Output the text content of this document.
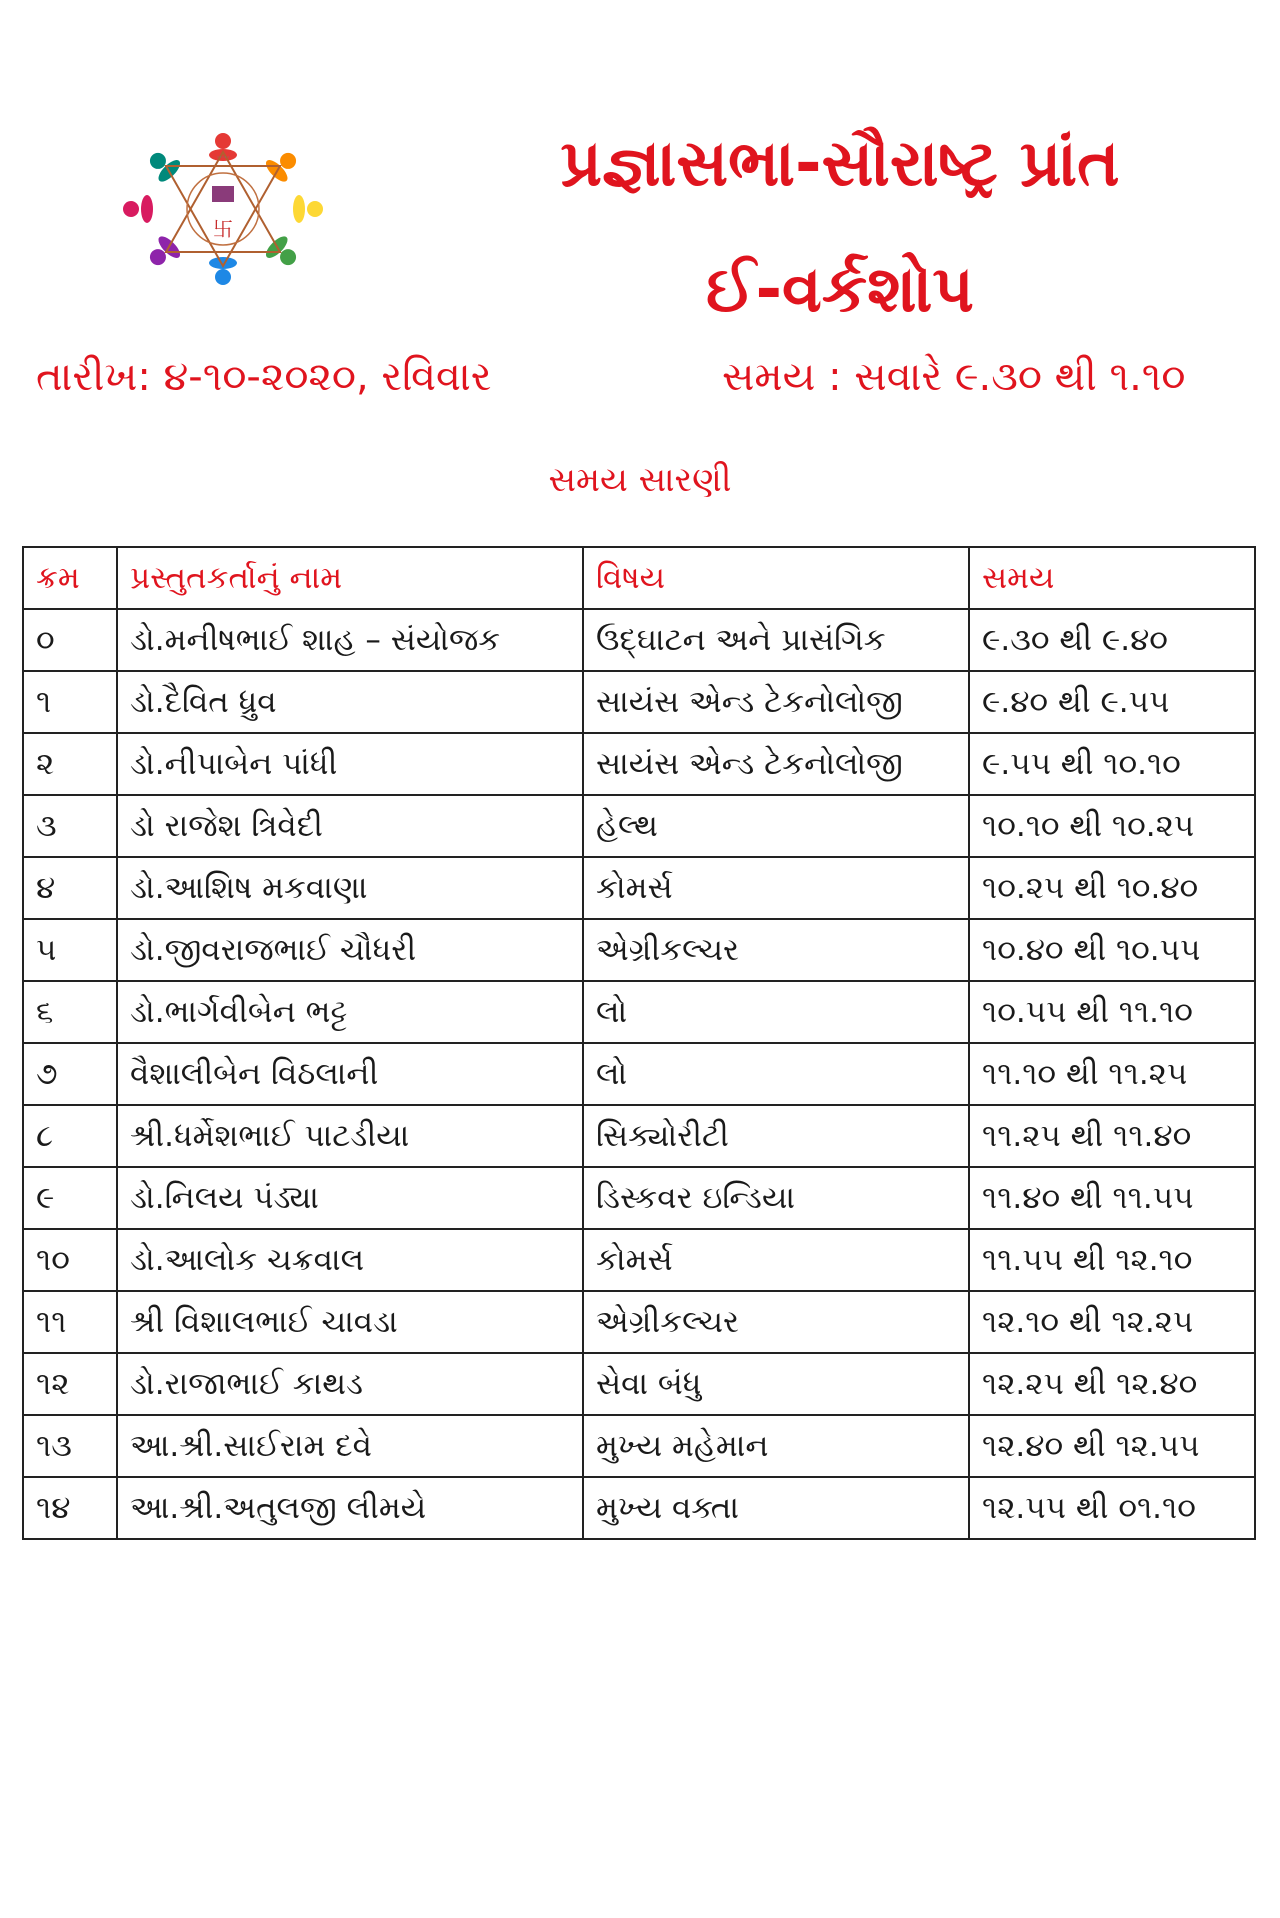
卐
·····	પ્રજ્ઞાસભા-સૌરાષ્ટ્ર પ્રાંત
ઈ-વર્કશોપ
તારીખ: ૪-૧૦-૨૦૨૦, રવિવાર	સમય : સવારે ૯.૩૦ થી ૧.૧૦
સમય સારણી
ક્રમ	પ્રસ્તુતકર્તાનું નામ	વિષય	સમય
૦	ડો.મનીષભાઈ શાહ – સંયોજક	ઉદ્ઘાટન અને પ્રાસંગિક	૯.૩૦ થી ૯.૪૦
૧	ડો.દૈવિત ધ્રુવ	સાયંસ એન્ડ ટેકનોલોજી	૯.૪૦ થી ૯.૫૫
૨	ડો.નીપાબેન પાંધી	સાયંસ એન્ડ ટેકનોલોજી	૯.૫૫ થી ૧૦.૧૦
૩	ડો રાજેશ ત્રિવેદી	હેલ્થ	૧૦.૧૦ થી ૧૦.૨૫
૪	ડો.આશિષ મકવાણા	કોમર્સ	૧૦.૨૫ થી ૧૦.૪૦
૫	ડો.જીવરાજભાઈ ચૌધરી	એગ્રીકલ્ચર	૧૦.૪૦ થી ૧૦.૫૫
૬	ડો.ભાર્ગવીબેન ભટ્ટ	લો	૧૦.૫૫ થી ૧૧.૧૦
૭	વૈશાલીબેન વિઠલાની	લો	૧૧.૧૦ થી ૧૧.૨૫
૮	શ્રી.ધર્મેશભાઈ પાટડીયા	સિક્યોરીટી	૧૧.૨૫ થી ૧૧.૪૦
૯	ડો.નિલય પંડ્યા	ડિસ્કવર ઇન્ડિયા	૧૧.૪૦ થી ૧૧.૫૫
૧૦	ડો.આલોક ચક્રવાલ	કોમર્સ	૧૧.૫૫ થી ૧૨.૧૦
૧૧	શ્રી વિશાલભાઈ ચાવડા	એગ્રીકલ્ચર	૧૨.૧૦ થી ૧૨.૨૫
૧૨	ડો.રાજાભાઈ કાથડ	સેવા બંધુ	૧૨.૨૫ થી ૧૨.૪૦
૧૩	આ.શ્રી.સાઈરામ દવે	મુખ્ય મહેમાન	૧૨.૪૦ થી ૧૨.૫૫
૧૪	આ.શ્રી.અતુલજી લીમયે	મુખ્ય વક્તા	૧૨.૫૫ થી ૦૧.૧૦
